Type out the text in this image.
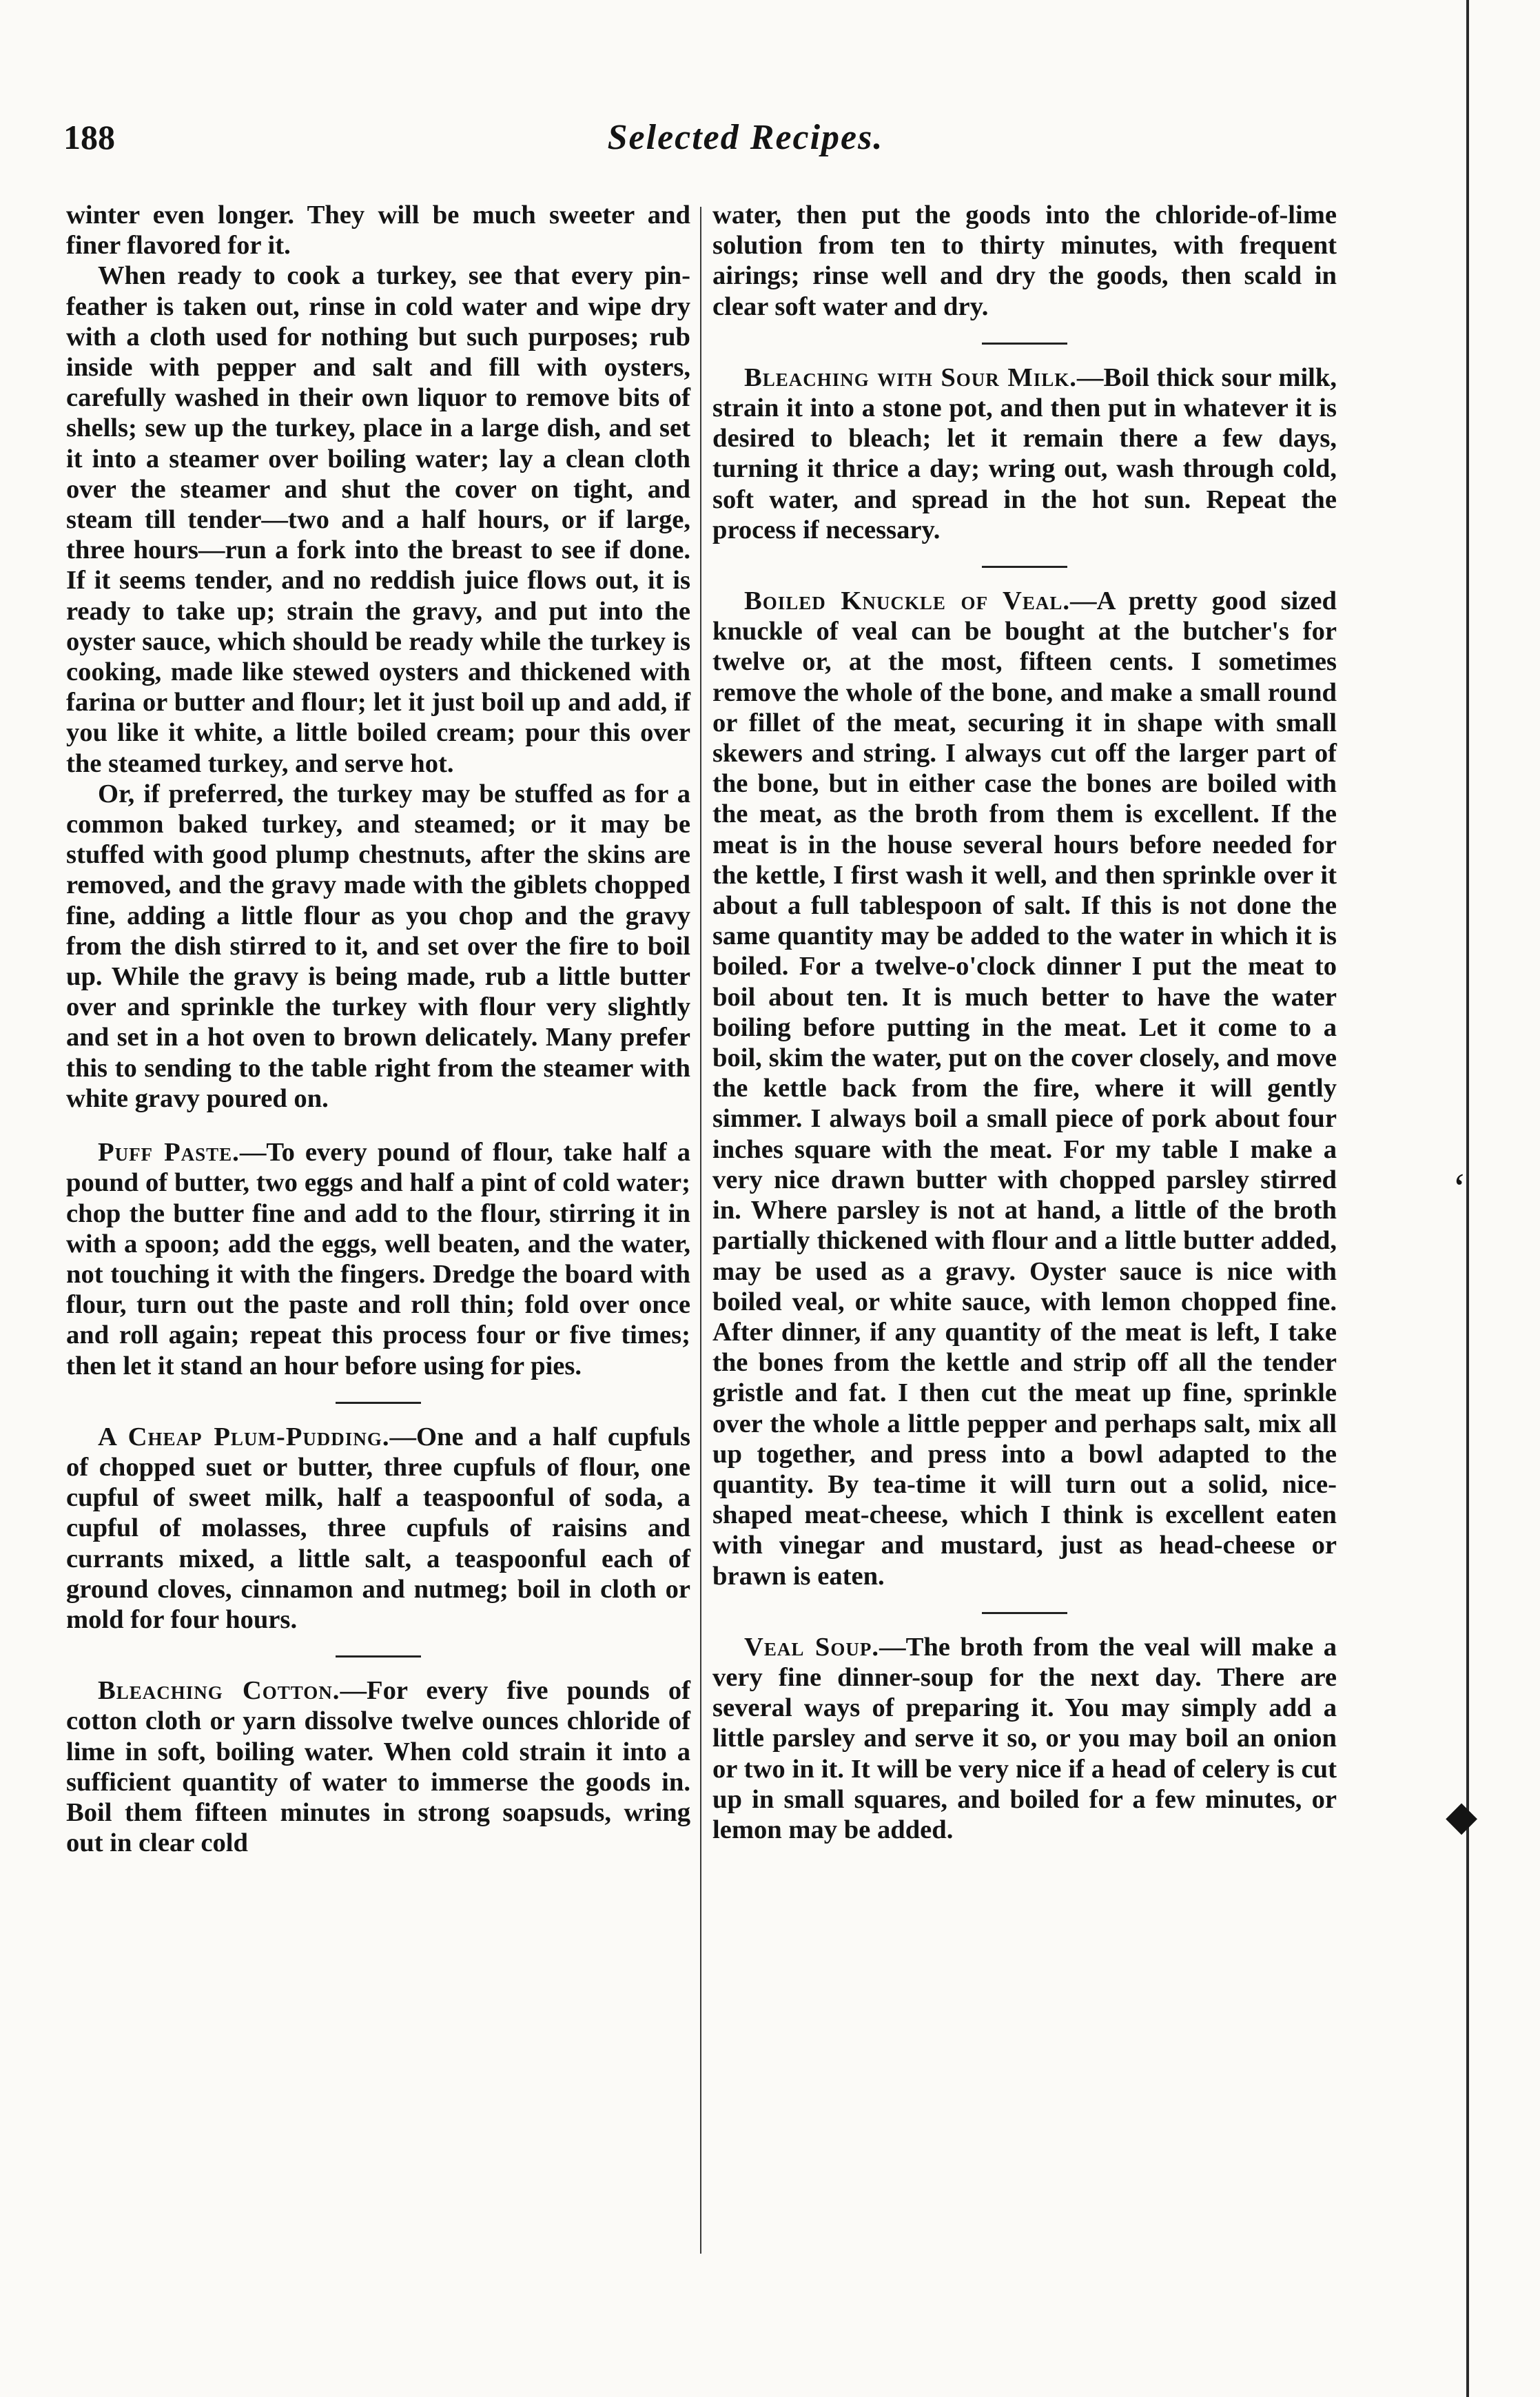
188	Selected Recipes.

winter even longer. They will be much sweeter and finer flavored for it.

When ready to cook a turkey, see that every pin-feather is taken out, rinse in cold water and wipe dry with a cloth used for nothing but such purposes; rub inside with pepper and salt and fill with oysters, carefully washed in their own liquor to remove bits of shells; sew up the turkey, place in a large dish, and set it into a steamer over boiling water; lay a clean cloth over the steamer and shut the cover on tight, and steam till tender—two and a half hours, or if large, three hours—run a fork into the breast to see if done. If it seems tender, and no reddish juice flows out, it is ready to take up; strain the gravy, and put into the oyster sauce, which should be ready while the turkey is cooking, made like stewed oysters and thickened with farina or butter and flour; let it just boil up and add, if you like it white, a little boiled cream; pour this over the steamed turkey, and serve hot.

Or, if preferred, the turkey may be stuffed as for a common baked turkey, and steamed; or it may be stuffed with good plump chestnuts, after the skins are removed, and the gravy made with the giblets chopped fine, adding a little flour as you chop and the gravy from the dish stirred to it, and set over the fire to boil up. While the gravy is being made, rub a little butter over and sprinkle the turkey with flour very slightly and set in a hot oven to brown delicately. Many prefer this to sending to the table right from the steamer with white gravy poured on.

Puff Paste.—To every pound of flour, take half a pound of butter, two eggs and half a pint of cold water; chop the butter fine and add to the flour, stirring it in with a spoon; add the eggs, well beaten, and the water, not touching it with the fingers. Dredge the board with flour, turn out the paste and roll thin; fold over once and roll again; repeat this process four or five times; then let it stand an hour before using for pies.

A Cheap Plum-Pudding.—One and a half cupfuls of chopped suet or butter, three cupfuls of flour, one cupful of sweet milk, half a teaspoonful of soda, a cupful of molasses, three cupfuls of raisins and currants mixed, a little salt, a teaspoonful each of ground cloves, cinnamon and nutmeg; boil in cloth or mold for four hours.

Bleaching Cotton.—For every five pounds of cotton cloth or yarn dissolve twelve ounces chloride of lime in soft, boiling water. When cold strain it into a sufficient quantity of water to immerse the goods in. Boil them fifteen minutes in strong soapsuds, wring out in clear cold

water, then put the goods into the chloride-of-lime solution from ten to thirty minutes, with frequent airings; rinse well and dry the goods, then scald in clear soft water and dry.

Bleaching with Sour Milk.—Boil thick sour milk, strain it into a stone pot, and then put in whatever it is desired to bleach; let it remain there a few days, turning it thrice a day; wring out, wash through cold, soft water, and spread in the hot sun. Repeat the process if necessary.

Boiled Knuckle of Veal.—A pretty good sized knuckle of veal can be bought at the butcher's for twelve or, at the most, fifteen cents. I sometimes remove the whole of the bone, and make a small round or fillet of the meat, securing it in shape with small skewers and string. I always cut off the larger part of the bone, but in either case the bones are boiled with the meat, as the broth from them is excellent. If the meat is in the house several hours before needed for the kettle, I first wash it well, and then sprinkle over it about a full tablespoon of salt. If this is not done the same quantity may be added to the water in which it is boiled. For a twelve-o'clock dinner I put the meat to boil about ten. It is much better to have the water boiling before putting in the meat. Let it come to a boil, skim the water, put on the cover closely, and move the kettle back from the fire, where it will gently simmer. I always boil a small piece of pork about four inches square with the meat. For my table I make a very nice drawn butter with chopped parsley stirred in. Where parsley is not at hand, a little of the broth partially thickened with flour and a little butter added, may be used as a gravy. Oyster sauce is nice with boiled veal, or white sauce, with lemon chopped fine. After dinner, if any quantity of the meat is left, I take the bones from the kettle and strip off all the tender gristle and fat. I then cut the meat up fine, sprinkle over the whole a little pepper and perhaps salt, mix all up together, and press into a bowl adapted to the quantity. By tea-time it will turn out a solid, nice-shaped meat-cheese, which I think is excellent eaten with vinegar and mustard, just as head-cheese or brawn is eaten.

Veal Soup.—The broth from the veal will make a very fine dinner-soup for the next day. There are several ways of preparing it. You may simply add a little parsley and serve it so, or you may boil an onion or two in it. It will be very nice if a head of celery is cut up in small squares, and boiled for a few minutes, or lemon may be added.

‘
◆
